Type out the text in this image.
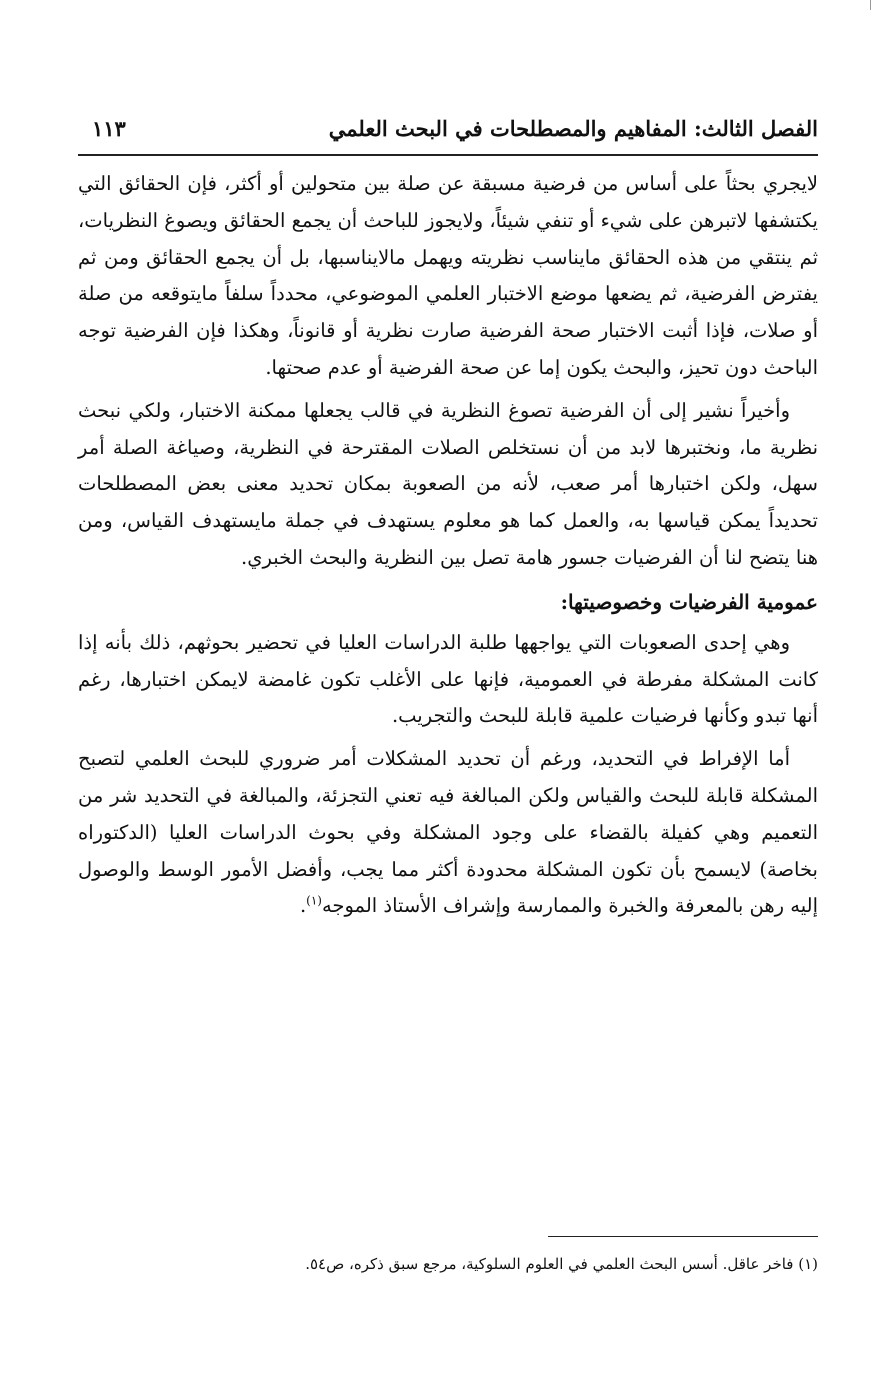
الفصل الثالث: المفاهيم والمصطلحات في البحث العلمي
١١٣

لايجري بحثاً على أساس من فرضية مسبقة عن صلة بين متحولين أو أكثر، فإن الحقائق التي يكتشفها لاتبرهن على شيء أو تنفي شيئاً، ولايجوز للباحث أن يجمع الحقائق ويصوغ النظريات، ثم ينتقي من هذه الحقائق مايناسب نظريته ويهمل مالايناسبها، بل أن يجمع الحقائق ومن ثم يفترض الفرضية، ثم يضعها موضع الاختبار العلمي الموضوعي، محدداً سلفاً مايتوقعه من صلة أو صلات، فإذا أثبت الاختبار صحة الفرضية صارت نظرية أو قانوناً، وهكذا فإن الفرضية توجه الباحث دون تحيز، والبحث يكون إما عن صحة الفرضية أو عدم صحتها.

وأخيراً نشير إلى أن الفرضية تصوغ النظرية في قالب يجعلها ممكنة الاختبار، ولكي نبحث نظرية ما، ونختبرها لابد من أن نستخلص الصلات المقترحة في النظرية، وصياغة الصلة أمر سهل، ولكن اختبارها أمر صعب، لأنه من الصعوبة بمكان تحديد معنى بعض المصطلحات تحديداً يمكن قياسها به، والعمل كما هو معلوم يستهدف في جملة مايستهدف القياس، ومن هنا يتضح لنا أن الفرضيات جسور هامة تصل بين النظرية والبحث الخبري.

عمومية الفرضيات وخصوصيتها:

وهي إحدى الصعوبات التي يواجهها طلبة الدراسات العليا في تحضير بحوثهم، ذلك بأنه إذا كانت المشكلة مفرطة في العمومية، فإنها على الأغلب تكون غامضة لايمكن اختبارها، رغم أنها تبدو وكأنها فرضيات علمية قابلة للبحث والتجريب.

أما الإفراط في التحديد، ورغم أن تحديد المشكلات أمر ضروري للبحث العلمي لتصبح المشكلة قابلة للبحث والقياس ولكن المبالغة فيه تعني التجزئة، والمبالغة في التحديد شر من التعميم وهي كفيلة بالقضاء على وجود المشكلة وفي بحوث الدراسات العليا (الدكتوراه بخاصة) لايسمح بأن تكون المشكلة محدودة أكثر مما يجب، وأفضل الأمور الوسط والوصول إليه رهن بالمعرفة والخبرة والممارسة وإشراف الأستاذ الموجه$^{(١)}$.

(١) فاخر عاقل. أسس البحث العلمي في العلوم السلوكية، مرجع سبق ذكره، ص٥٤.
